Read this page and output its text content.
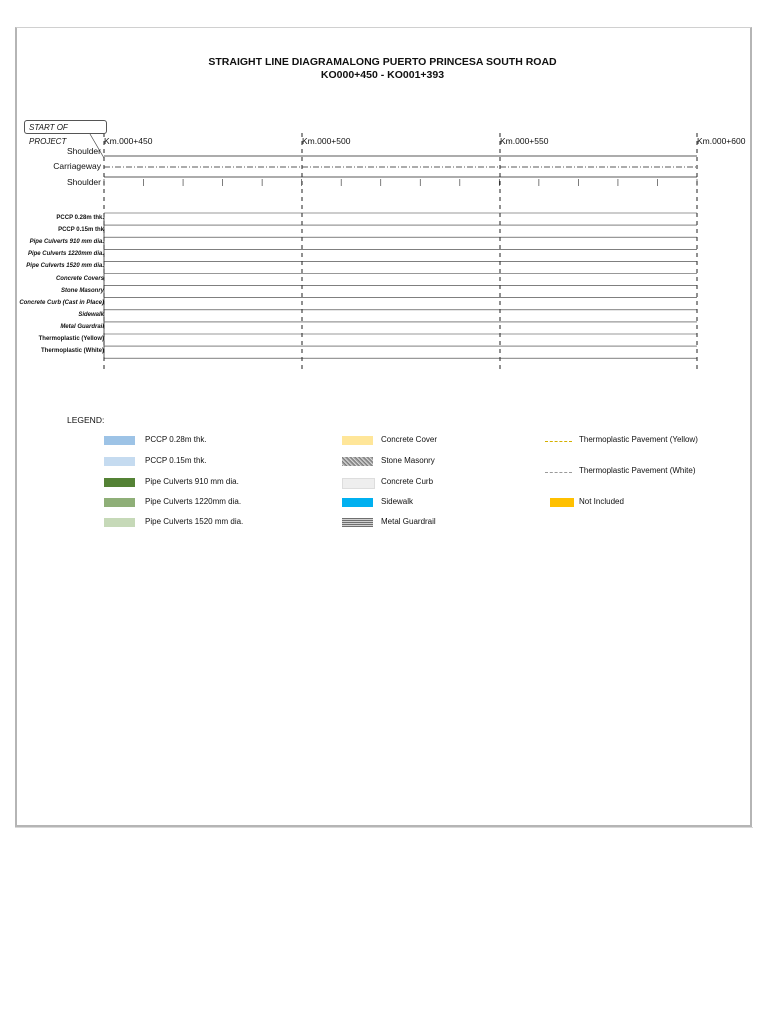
STRAIGHT LINE DIAGRAMALONG PUERTO PRINCESA SOUTH ROAD
KO000+450 - KO001+393
START OF PROJECT	Km.000+450	Km.000+500	Km.000+550	Km.000+600
Shoulder
Carriageway
Shoulder
PCCP 0.28m thk.
PCCP 0.15m thk
Pipe Culverts 910 mm dia.
Pipe Culverts 1220mm dia.
Pipe Culverts 1520 mm dia.
Concrete Covers
Stone Masonry
Concrete Curb (Cast in Place)
Sidewalk
Metal Guardrail
Thermoplastic (Yellow)
Thermoplastic (White)
LEGEND:
PCCP 0.28m thk.
PCCP 0.15m thk.
Pipe Culverts 910 mm dia.
Pipe Culverts 1220mm dia.
Pipe Culverts 1520 mm dia.
Concrete Cover
Stone Masonry
Concrete Curb
Sidewalk
Metal Guardrail
Thermoplastic Pavement (Yellow)
Thermoplastic Pavement (White)
Not Included
